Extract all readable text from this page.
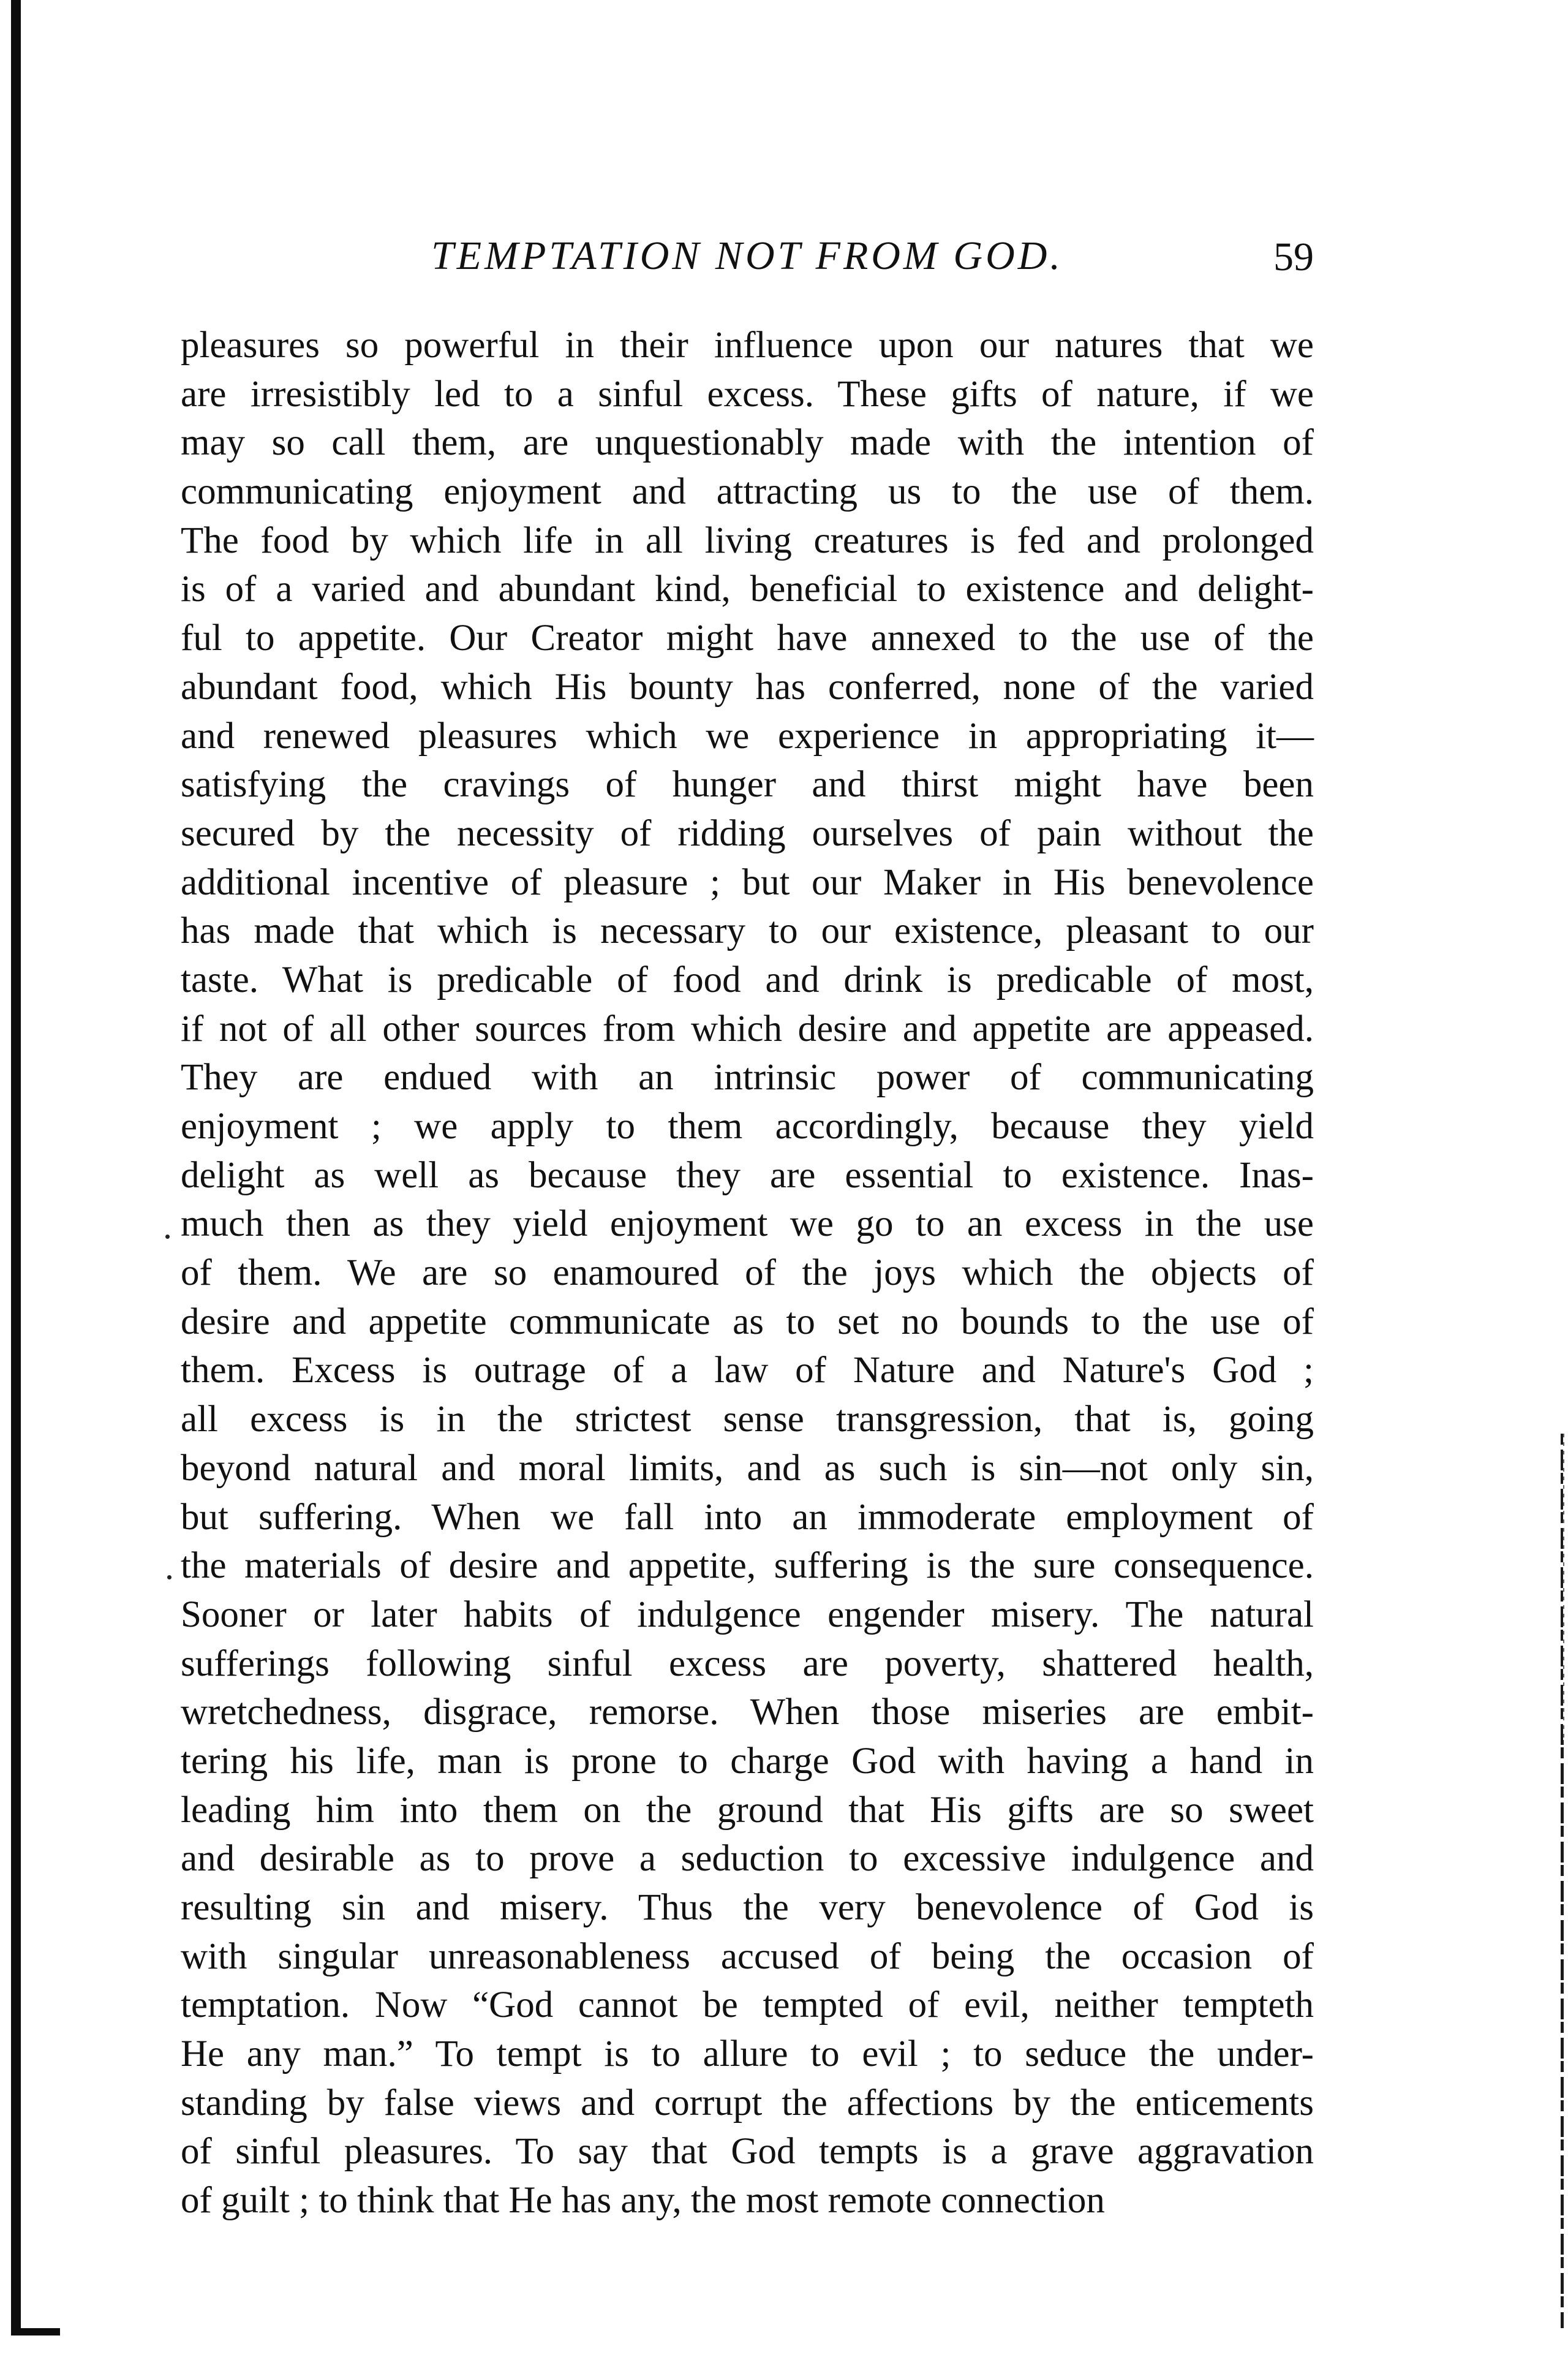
TEMPTATION NOT FROM GOD.	59
pleasures so powerful in their influence upon our natures that we
are irresistibly led to a sinful excess. These gifts of nature, if we
may so call them, are unquestionably made with the intention of
communicating enjoyment and attracting us to the use of them.
The food by which life in all living creatures is fed and prolonged
is of a varied and abundant kind, beneficial to existence and delight-
ful to appetite. Our Creator might have annexed to the use of the
abundant food, which His bounty has conferred, none of the varied
and renewed pleasures which we experience in appropriating it—
satisfying the cravings of hunger and thirst might have been
secured by the necessity of ridding ourselves of pain without the
additional incentive of pleasure ; but our Maker in His benevolence
has made that which is necessary to our existence, pleasant to our
taste. What is predicable of food and drink is predicable of most,
if not of all other sources from which desire and appetite are appeased.
They are endued with an intrinsic power of communicating
enjoyment ; we apply to them accordingly, because they yield
delight as well as because they are essential to existence. Inas-
much then as they yield enjoyment we go to an excess in the use
of them. We are so enamoured of the joys which the objects of
desire and appetite communicate as to set no bounds to the use of
them. Excess is outrage of a law of Nature and Nature's God ;
all excess is in the strictest sense transgression, that is, going
beyond natural and moral limits, and as such is sin—not only sin,
but suffering. When we fall into an immoderate employment of
the materials of desire and appetite, suffering is the sure consequence.
Sooner or later habits of indulgence engender misery. The natural
sufferings following sinful excess are poverty, shattered health,
wretchedness, disgrace, remorse. When those miseries are embit-
tering his life, man is prone to charge God with having a hand in
leading him into them on the ground that His gifts are so sweet
and desirable as to prove a seduction to excessive indulgence and
resulting sin and misery. Thus the very benevolence of God is
with singular unreasonableness accused of being the occasion of
temptation. Now “God cannot be tempted of evil, neither tempteth
He any man.” To tempt is to allure to evil ; to seduce the under-
standing by false views and corrupt the affections by the enticements
of sinful pleasures. To say that God tempts is a grave aggravation
of guilt ; to think that He has any, the most remote connection
